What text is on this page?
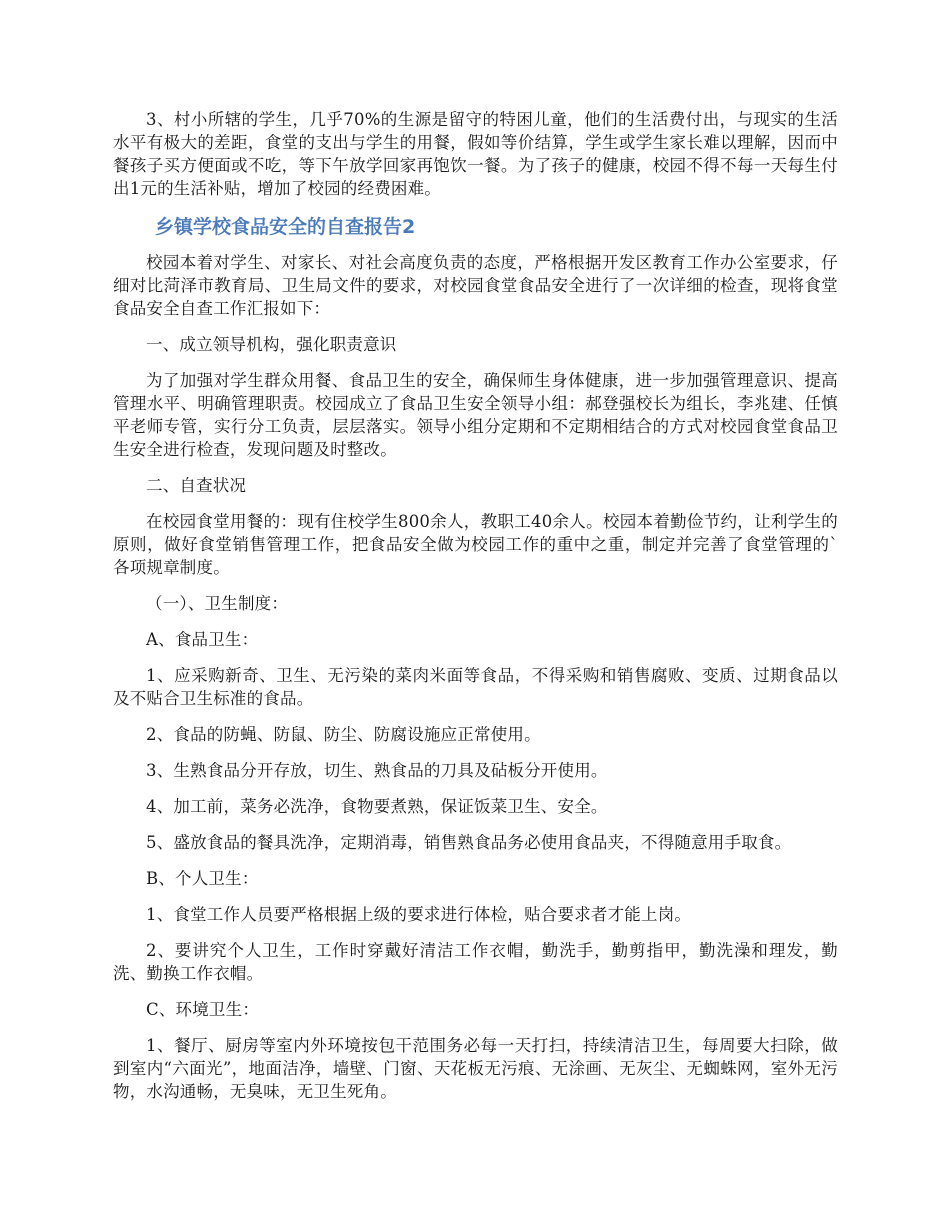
3、村小所辖的学生，几乎70%的生源是留守的特困儿童，他们的生活费付出，与现实的生活水平有极大的差距，食堂的支出与学生的用餐，假如等价结算，学生或学生家长难以理解，因而中餐孩子买方便面或不吃，等下午放学回家再饱饮一餐。为了孩子的健康，校园不得不每一天每生付出1元的生活补贴，增加了校园的经费困难。

乡镇学校食品安全的自查报告2

校园本着对学生、对家长、对社会高度负责的态度，严格根据开发区教育工作办公室要求，仔细对比菏泽市教育局、卫生局文件的要求，对校园食堂食品安全进行了一次详细的检查，现将食堂食品安全自查工作汇报如下：

一、成立领导机构，强化职责意识

为了加强对学生群众用餐、食品卫生的安全，确保师生身体健康，进一步加强管理意识、提高管理水平、明确管理职责。校园成立了食品卫生安全领导小组：郝登强校长为组长，李兆建、任慎平老师专管，实行分工负责，层层落实。领导小组分定期和不定期相结合的方式对校园食堂食品卫生安全进行检查，发现问题及时整改。

二、自查状况

在校园食堂用餐的：现有住校学生800余人，教职工40余人。校园本着勤俭节约，让利学生的原则，做好食堂销售管理工作，把食品安全做为校园工作的重中之重，制定并完善了食堂管理的`各项规章制度。

（一）、卫生制度：

A、食品卫生：

1、应采购新奇、卫生、无污染的菜肉米面等食品，不得采购和销售腐败、变质、过期食品以及不贴合卫生标准的食品。

2、食品的防蝇、防鼠、防尘、防腐设施应正常使用。

3、生熟食品分开存放，切生、熟食品的刀具及砧板分开使用。

4、加工前，菜务必洗净，食物要煮熟，保证饭菜卫生、安全。

5、盛放食品的餐具洗净，定期消毒，销售熟食品务必使用食品夹，不得随意用手取食。

B、个人卫生：

1、食堂工作人员要严格根据上级的要求进行体检，贴合要求者才能上岗。

2、要讲究个人卫生，工作时穿戴好清洁工作衣帽，勤洗手，勤剪指甲，勤洗澡和理发，勤洗、勤换工作衣帽。

C、环境卫生：

1、餐厅、厨房等室内外环境按包干范围务必每一天打扫，持续清洁卫生，每周要大扫除，做到室内“六面光”，地面洁净，墙壁、门窗、天花板无污痕、无涂画、无灰尘、无蜘蛛网，室外无污物，水沟通畅，无臭味，无卫生死角。
